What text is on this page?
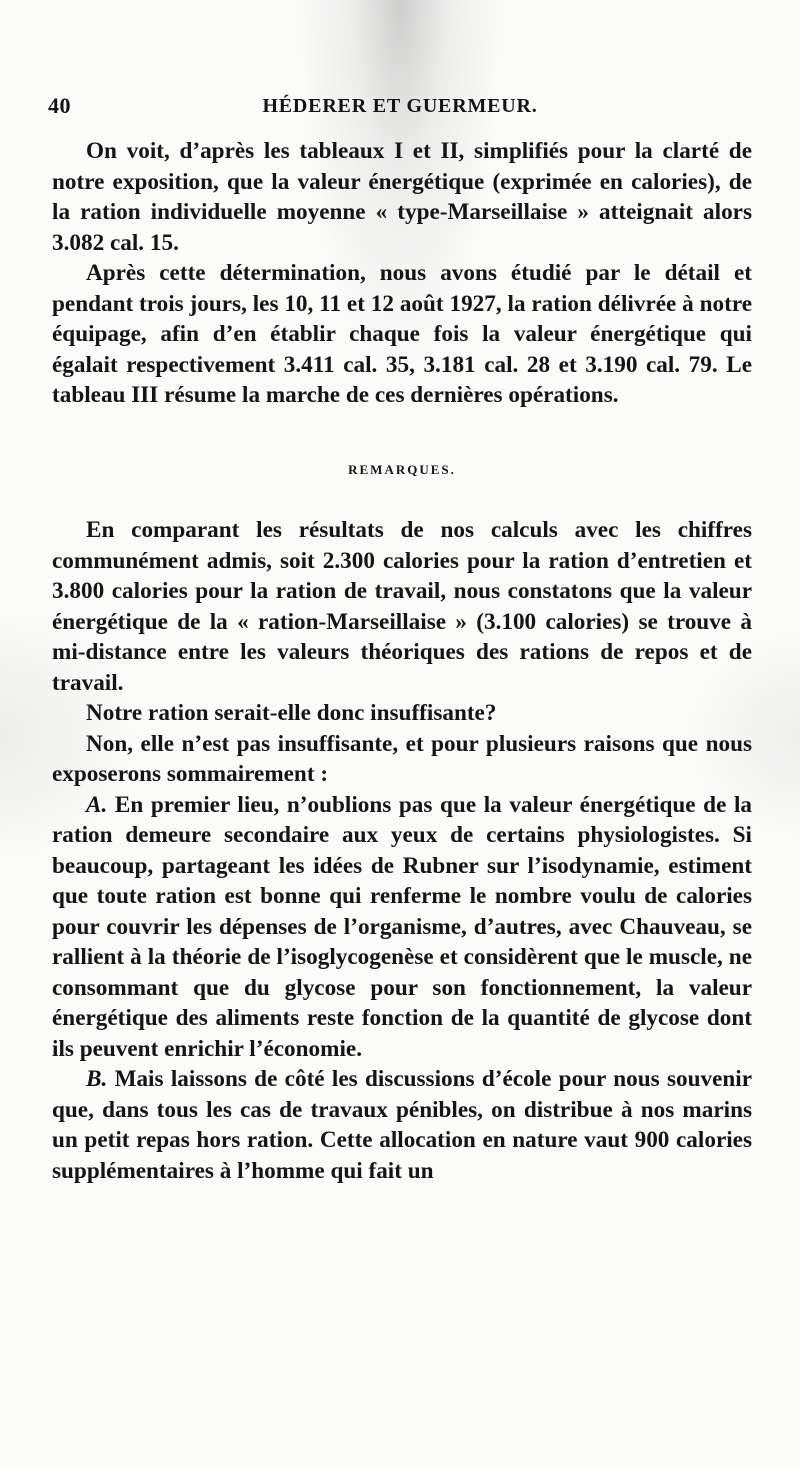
40	HÉDERER ET GUERMEUR.

On voit, d’après les tableaux I et II, simplifiés pour la clarté de notre exposition, que la valeur énergétique (exprimée en calories), de la ration individuelle moyenne « type-Marseillaise » atteignait alors 3.082 cal. 15.

Après cette détermination, nous avons étudié par le détail et pendant trois jours, les 10, 11 et 12 août 1927, la ration délivrée à notre équipage, afin d’en établir chaque fois la valeur énergétique qui égalait respectivement 3.411 cal. 35, 3.181 cal. 28 et 3.190 cal. 79. Le tableau III résume la marche de ces dernières opérations.

REMARQUES.

En comparant les résultats de nos calculs avec les chiffres communément admis, soit 2.300 calories pour la ration d’entretien et 3.800 calories pour la ration de travail, nous constatons que la valeur énergétique de la « ration-Marseillaise » (3.100 calories) se trouve à mi-distance entre les valeurs théoriques des rations de repos et de travail.

Notre ration serait-elle donc insuffisante?

Non, elle n’est pas insuffisante, et pour plusieurs raisons que nous exposerons sommairement :

A. En premier lieu, n’oublions pas que la valeur énergétique de la ration demeure secondaire aux yeux de certains physiologistes. Si beaucoup, partageant les idées de Rubner sur l’isodynamie, estiment que toute ration est bonne qui renferme le nombre voulu de calories pour couvrir les dépenses de l’organisme, d’autres, avec Chauveau, se rallient à la théorie de l’isoglycogenèse et considèrent que le muscle, ne consommant que du glycose pour son fonctionnement, la valeur énergétique des aliments reste fonction de la quantité de glycose dont ils peuvent enrichir l’économie.

B. Mais laissons de côté les discussions d’école pour nous souvenir que, dans tous les cas de travaux pénibles, on distribue à nos marins un petit repas hors ration. Cette allocation en nature vaut 900 calories supplémentaires à l’homme qui fait un
